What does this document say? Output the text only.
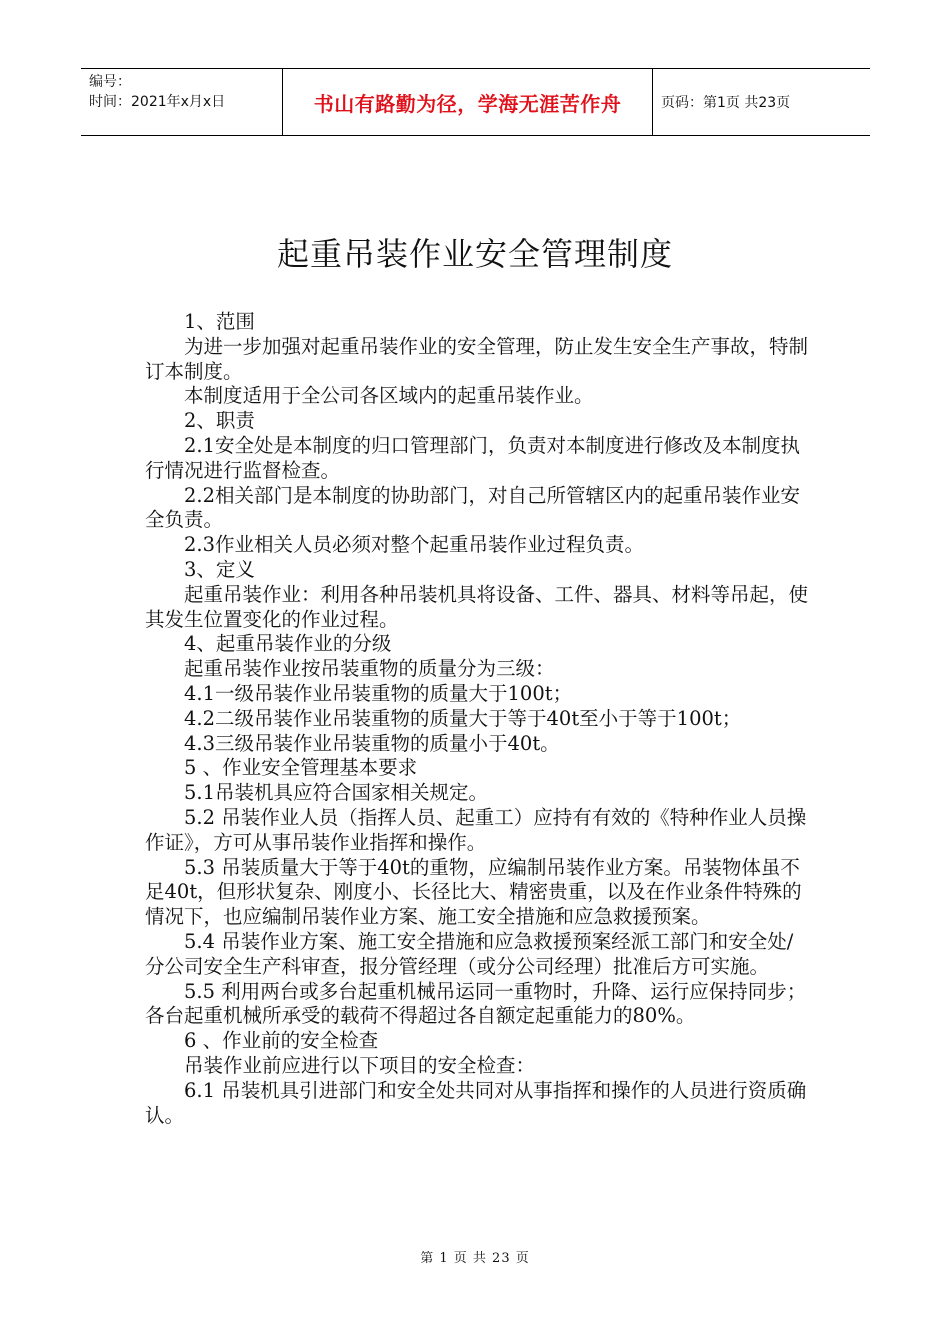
编号：
时间：2021年x月x日	书山有路勤为径，学海无涯苦作舟	页码：第1页 共23页
起重吊装作业安全管理制度

1、范围

为进一步加强对起重吊装作业的安全管理，防止发生安全生产事故，特制订本制度。

本制度适用于全公司各区域内的起重吊装作业。

2、职责

2.1安全处是本制度的归口管理部门，负责对本制度进行修改及本制度执行情况进行监督检查。

2.2相关部门是本制度的协助部门，对自己所管辖区内的起重吊装作业安全负责。

2.3作业相关人员必须对整个起重吊装作业过程负责。

3、定义

起重吊装作业：利用各种吊装机具将设备、工件、器具、材料等吊起，使其发生位置变化的作业过程。

4、起重吊装作业的分级

起重吊装作业按吊装重物的质量分为三级：

4.1一级吊装作业吊装重物的质量大于100t；

4.2二级吊装作业吊装重物的质量大于等于40t至小于等于100t；

4.3三级吊装作业吊装重物的质量小于40t。

5 、作业安全管理基本要求

5.1吊装机具应符合国家相关规定。

5.2 吊装作业人员（指挥人员、起重工）应持有有效的《特种作业人员操作证》，方可从事吊装作业指挥和操作。

5.3 吊装质量大于等于40t的重物，应编制吊装作业方案。吊装物体虽不足40t，但形状复杂、刚度小、长径比大、精密贵重，以及在作业条件特殊的情况下，也应编制吊装作业方案、施工安全措施和应急救援预案。

5.4 吊装作业方案、施工安全措施和应急救援预案经派工部门和安全处/分公司安全生产科审查，报分管经理（或分公司经理）批准后方可实施。

5.5 利用两台或多台起重机械吊运同一重物时，升降、运行应保持同步；各台起重机械所承受的载荷不得超过各自额定起重能力的80%。

6 、作业前的安全检查

吊装作业前应进行以下项目的安全检查：

6.1 吊装机具引进部门和安全处共同对从事指挥和操作的人员进行资质确认。

第 1 页 共 23 页
